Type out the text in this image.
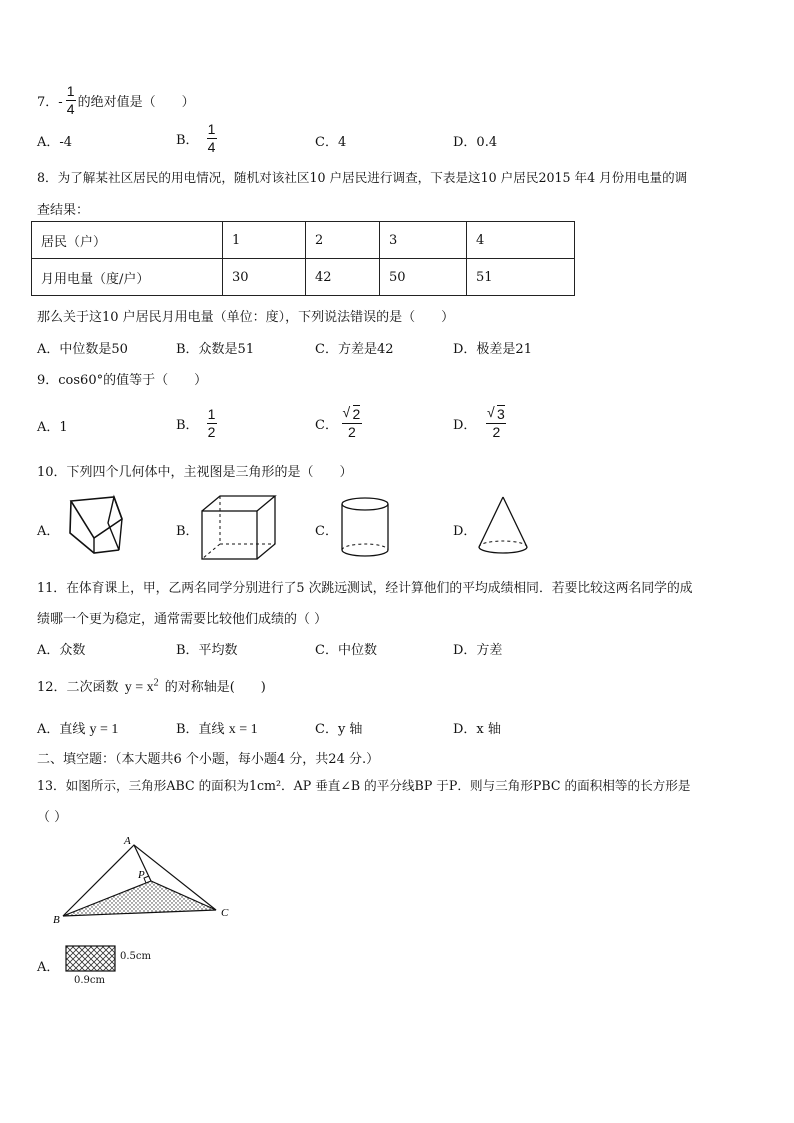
7．- $\frac{1}{4}$ 的绝对值是（　　）
A．-4	B． $\frac{1}{4}$	C．4	D．0.4
8．为了解某社区居民的用电情况，随机对该社区10 户居民进行调查，下表是这10 户居民2015 年4 月份用电量的调
查结果：
居民（户）	1	2	3	4
月用电量（度/户）	30	42	50	51
那么关于这10 户居民月用电量（单位：度），下列说法错误的是（　　）
A．中位数是50	B．众数是51	C．方差是42	D．极差是21
9．cos60°的值等于（　　）
A．1	B． $\frac{1}{2}$	C． √ $\frac{2}{2}$	D． √ $\frac{3}{2}$
10．下列四个几何体中，主视图是三角形的是（　　）
A．	B．	C．	D．
11．在体育课上，甲，乙两名同学分别进行了5 次跳远测试，经计算他们的平均成绩相同．若要比较这两名同学的成
绩哪一个更为稳定，通常需要比较他们成绩的（ ）
A．众数	B．平均数	C．中位数	D．方差
12．二次函数 $y = x^2$ 的对称轴是(　　)
A．直线 y = 1	B．直线 x = 1	C．y 轴	D．x 轴
二、填空题：（本大题共6 个小题，每小题4 分，共24 分.）
13．如图所示，三角形ABC 的面积为1cm²．AP 垂直∠B 的平分线BP 于P．则与三角形PBC 的面积相等的长方形是
（ ）
A
B
C
P
A．
0.5cm
0.9cm
